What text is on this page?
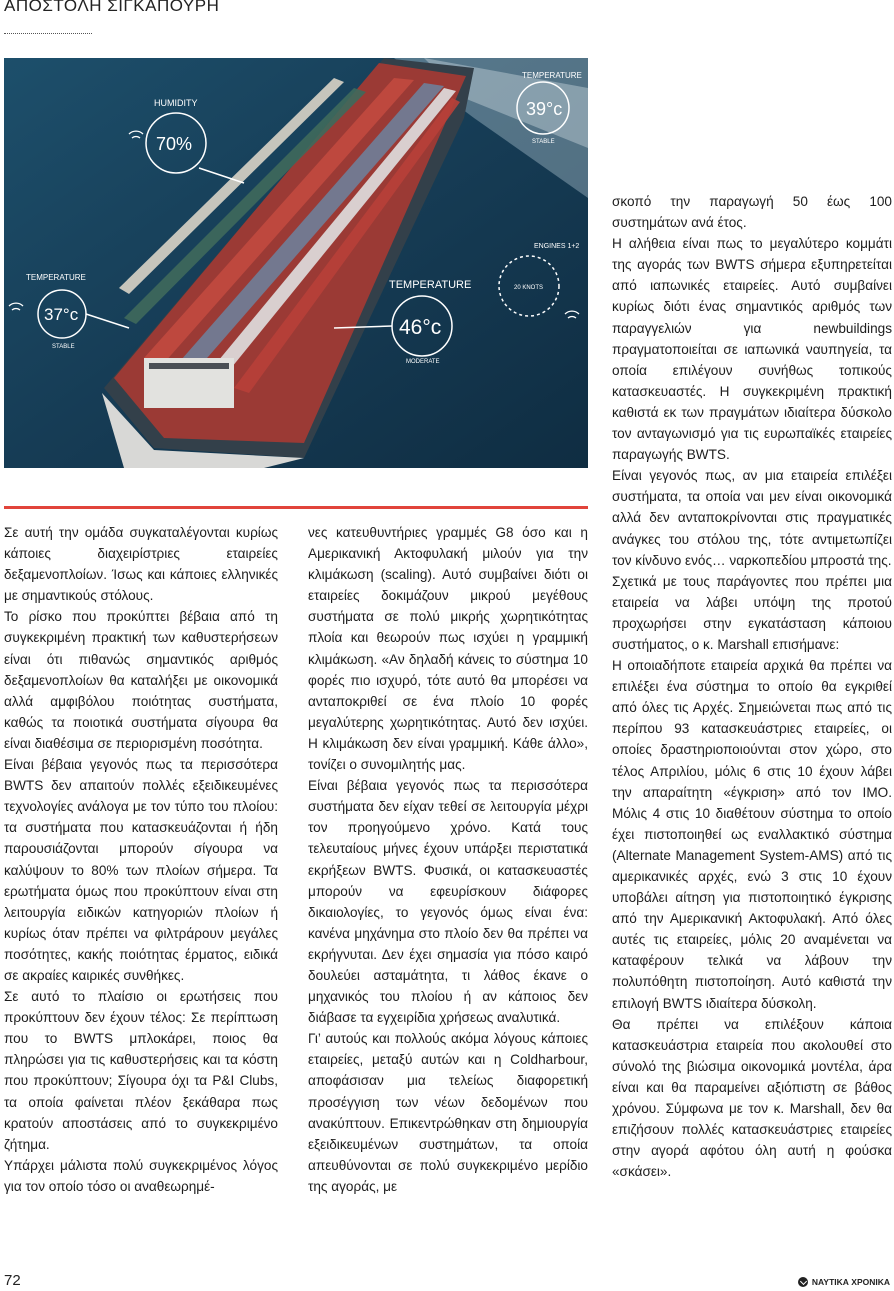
ΑΠΟΣΤΟΛΗ ΣΙΓΚΑΠΟΥΡΗ
HUMIDITY
70%
TEMPERATURE
39°c
STABLE
TEMPERATURE
37°c
STABLE
TEMPERATURE
46°c
MODERATE
ENGINES 1+2
20 KNOTS

Σε αυτή την ομάδα συγκαταλέγονται κυρίως κάποιες διαχειρίστριες εταιρείες δεξαμενοπλοίων. Ίσως και κάποιες ελληνικές με σημαντικούς στόλους.

Το ρίσκο που προκύπτει βέβαια από τη συγκεκριμένη πρακτική των καθυστερήσεων είναι ότι πιθανώς σημαντικός αριθμός δεξαμενοπλοίων θα καταλήξει με οικονομικά αλλά αμφιβόλου ποιότητας συστήματα, καθώς τα ποιοτικά συστήματα σίγουρα θα είναι διαθέσιμα σε περιορισμένη ποσότητα.

Είναι βέβαια γεγονός πως τα περισσότερα BWTS δεν απαιτούν πολλές εξειδικευμένες τεχνολογίες ανάλογα με τον τύπο του πλοίου: τα συστήματα που κατασκευάζονται ή ήδη παρουσιάζονται μπορούν σίγουρα να καλύψουν το 80% των πλοίων σήμερα. Τα ερωτήματα όμως που προκύπτουν είναι στη λειτουργία ειδικών κατηγοριών πλοίων ή κυρίως όταν πρέπει να φιλτράρουν μεγάλες ποσότητες, κακής ποιότητας έρματος, ειδικά σε ακραίες καιρικές συνθήκες.

Σε αυτό το πλαίσιο οι ερωτήσεις που προκύπτουν δεν έχουν τέλος: Σε περίπτωση που το BWTS μπλοκάρει, ποιος θα πληρώσει για τις καθυστερήσεις και τα κόστη που προκύπτουν; Σίγουρα όχι τα P&I Clubs, τα οποία φαίνεται πλέον ξεκάθαρα πως κρατούν αποστάσεις από το συγκεκριμένο ζήτημα.

Υπάρχει μάλιστα πολύ συγκεκριμένος λόγος για τον οποίο τόσο οι αναθεωρημέ-

νες κατευθυντήριες γραμμές G8 όσο και η Αμερικανική Ακτοφυλακή μιλούν για την κλιμάκωση (scaling). Αυτό συμβαίνει διότι οι εταιρείες δοκιμάζουν μικρού μεγέθους συστήματα σε πολύ μικρής χωρητικότητας πλοία και θεωρούν πως ισχύει η γραμμική κλιμάκωση. «Αν δηλαδή κάνεις το σύστημα 10 φορές πιο ισχυρό, τότε αυτό θα μπορέσει να ανταποκριθεί σε ένα πλοίο 10 φορές μεγαλύτερης χωρητικότητας. Αυτό δεν ισχύει. Η κλιμάκωση δεν είναι γραμμική. Κάθε άλλο», τονίζει ο συνομιλητής μας.

Είναι βέβαια γεγονός πως τα περισσότερα συστήματα δεν είχαν τεθεί σε λειτουργία μέχρι τον προηγούμενο χρόνο. Κατά τους τελευταίους μήνες έχουν υπάρξει περιστατικά εκρήξεων BWTS. Φυσικά, οι κατασκευαστές μπορούν να εφευρίσκουν διάφορες δικαιολογίες, το γεγονός όμως είναι ένα: κανένα μηχάνημα στο πλοίο δεν θα πρέπει να εκρήγνυται. Δεν έχει σημασία για πόσο καιρό δουλεύει ασταμάτητα, τι λάθος έκανε ο μηχανικός του πλοίου ή αν κάποιος δεν διάβασε τα εγχειρίδια χρήσεως αναλυτικά.

Γι’ αυτούς και πολλούς ακόμα λόγους κάποιες εταιρείες, μεταξύ αυτών και η Coldharbour, αποφάσισαν μια τελείως διαφορετική προσέγγιση των νέων δεδομένων που ανακύπτουν. Επικεντρώθηκαν στη δημιουργία εξειδικευμένων συστημάτων, τα οποία απευθύνονται σε πολύ συγκεκριμένο μερίδιο της αγοράς, με

σκοπό την παραγωγή 50 έως 100 συστημάτων ανά έτος.

Η αλήθεια είναι πως το μεγαλύτερο κομμάτι της αγοράς των BWTS σήμερα εξυπηρετείται από ιαπωνικές εταιρείες. Αυτό συμβαίνει κυρίως διότι ένας σημαντικός αριθμός των παραγγελιών για newbuildings πραγματοποιείται σε ιαπωνικά ναυπηγεία, τα οποία επιλέγουν συνήθως τοπικούς κατασκευαστές. Η συγκεκριμένη πρακτική καθιστά εκ των πραγμάτων ιδιαίτερα δύσκολο τον ανταγωνισμό για τις ευρωπαϊκές εταιρείες παραγωγής BWTS.

Είναι γεγονός πως, αν μια εταιρεία επιλέξει συστήματα, τα οποία ναι μεν είναι οικονομικά αλλά δεν ανταποκρίνονται στις πραγματικές ανάγκες του στόλου της, τότε αντιμετωπίζει τον κίνδυνο ενός… ναρκοπεδίου μπροστά της.

Σχετικά με τους παράγοντες που πρέπει μια εταιρεία να λάβει υπόψη της προτού προχωρήσει στην εγκατάσταση κάποιου συστήματος, ο κ. Marshall επισήμανε:

Η οποιαδήποτε εταιρεία αρχικά θα πρέπει να επιλέξει ένα σύστημα το οποίο θα εγκριθεί από όλες τις Αρχές. Σημειώνεται πως από τις περίπου 93 κατασκευάστριες εταιρείες, οι οποίες δραστηριοποιούνται στον χώρο, στο τέλος Απριλίου, μόλις 6 στις 10 έχουν λάβει την απαραίτητη «έγκριση» από τον IMO. Μόλις 4 στις 10 διαθέτουν σύστημα το οποίο έχει πιστοποιηθεί ως εναλλακτικό σύστημα (Alternate Management System-AMS) από τις αμερικανικές αρχές, ενώ 3 στις 10 έχουν υποβάλει αίτηση για πιστοποιητικό έγκρισης από την Αμερικανική Ακτοφυλακή. Από όλες αυτές τις εταιρείες, μόλις 20 αναμένεται να καταφέρουν τελικά να λάβουν την πολυπόθητη πιστοποίηση. Αυτό καθιστά την επιλογή BWTS ιδιαίτερα δύσκολη.

Θα πρέπει να επιλέξουν κάποια κατασκευάστρια εταιρεία που ακολουθεί στο σύνολό της βιώσιμα οικονομικά μοντέλα, άρα είναι και θα παραμείνει αξιόπιστη σε βάθος χρόνου. Σύμφωνα με τον κ. Marshall, δεν θα επιζήσουν πολλές κατασκευάστριες εταιρείες στην αγορά αφότου όλη αυτή η φούσκα «σκάσει».

72	ΝΑΥΤΙΚΑ ΧΡΟΝΙΚΑ
